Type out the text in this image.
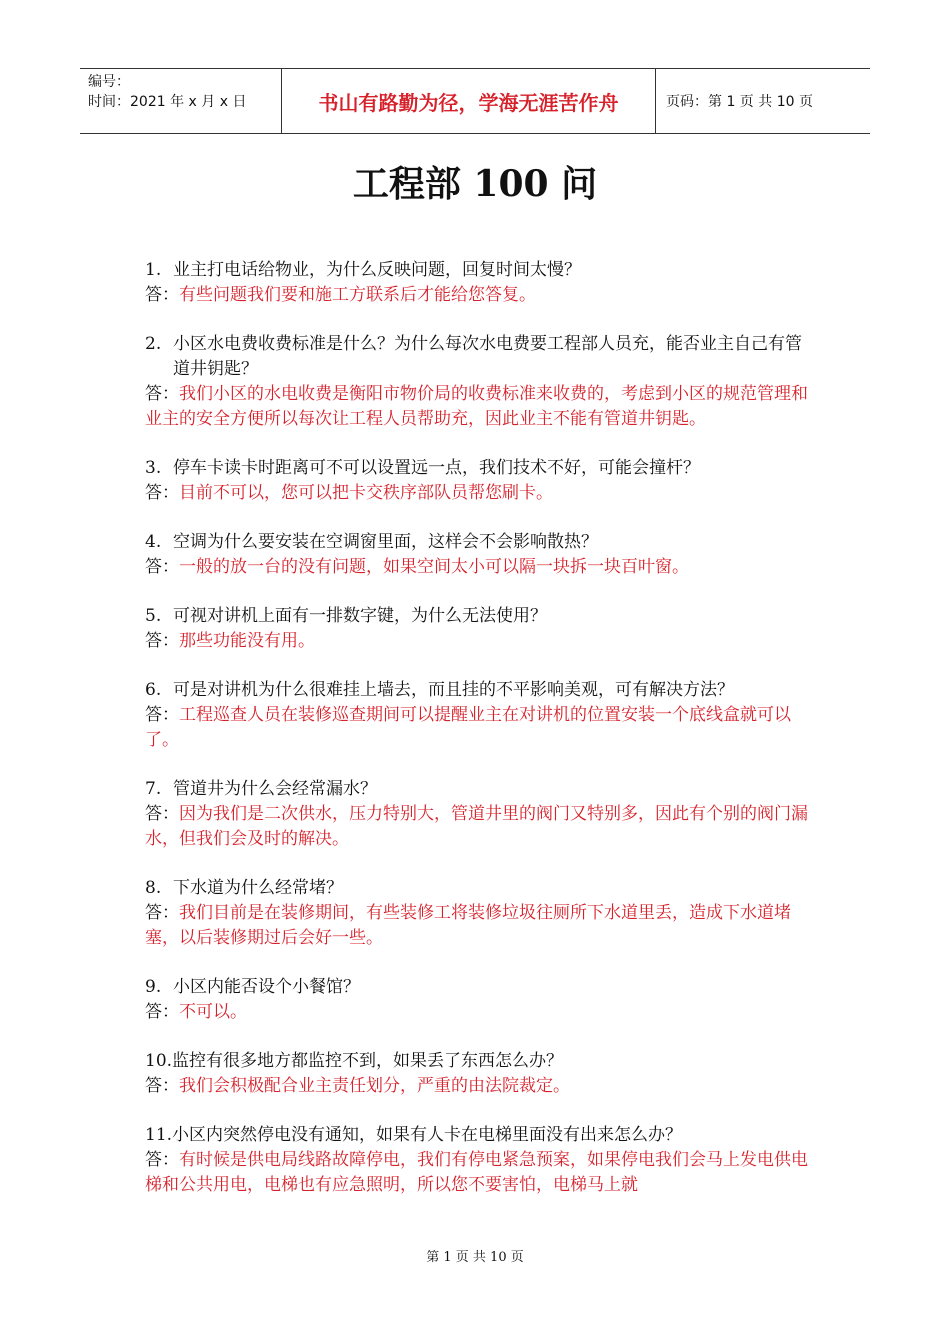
编号：
时间：2021 年 x 月 x 日	书山有路勤为径，学海无涯苦作舟	页码：第 1 页 共 10 页
工程部 100 问
1. 业主打电话给物业，为什么反映问题，回复时间太慢？
答：有些问题我们要和施工方联系后才能给您答复。
2. 小区水电费收费标准是什么？为什么每次水电费要工程部人员充，能否业主自己有管道井钥匙？
答：我们小区的水电收费是衡阳市物价局的收费标准来收费的，考虑到小区的规范管理和业主的安全方便所以每次让工程人员帮助充，因此业主不能有管道井钥匙。
3. 停车卡读卡时距离可不可以设置远一点，我们技术不好，可能会撞杆？
答：目前不可以，您可以把卡交秩序部队员帮您刷卡。
4. 空调为什么要安装在空调窗里面，这样会不会影响散热？
答：一般的放一台的没有问题，如果空间太小可以隔一块拆一块百叶窗。
5. 可视对讲机上面有一排数字键，为什么无法使用？
答：那些功能没有用。
6. 可是对讲机为什么很难挂上墙去，而且挂的不平影响美观，可有解决方法？
答：工程巡查人员在装修巡查期间可以提醒业主在对讲机的位置安装一个底线盒就可以了。
7. 管道井为什么会经常漏水？
答：因为我们是二次供水，压力特别大，管道井里的阀门又特别多，因此有个别的阀门漏水，但我们会及时的解决。
8. 下水道为什么经常堵？
答：我们目前是在装修期间，有些装修工将装修垃圾往厕所下水道里丢，造成下水道堵塞，以后装修期过后会好一些。
9. 小区内能否设个小餐馆？
答：不可以。
10.监控有很多地方都监控不到，如果丢了东西怎么办？
答：我们会积极配合业主责任划分，严重的由法院裁定。
11.小区内突然停电没有通知，如果有人卡在电梯里面没有出来怎么办？
答：有时候是供电局线路故障停电，我们有停电紧急预案，如果停电我们会马上发电供电梯和公共用电，电梯也有应急照明，所以您不要害怕，电梯马上就
第 1 页 共 10 页
